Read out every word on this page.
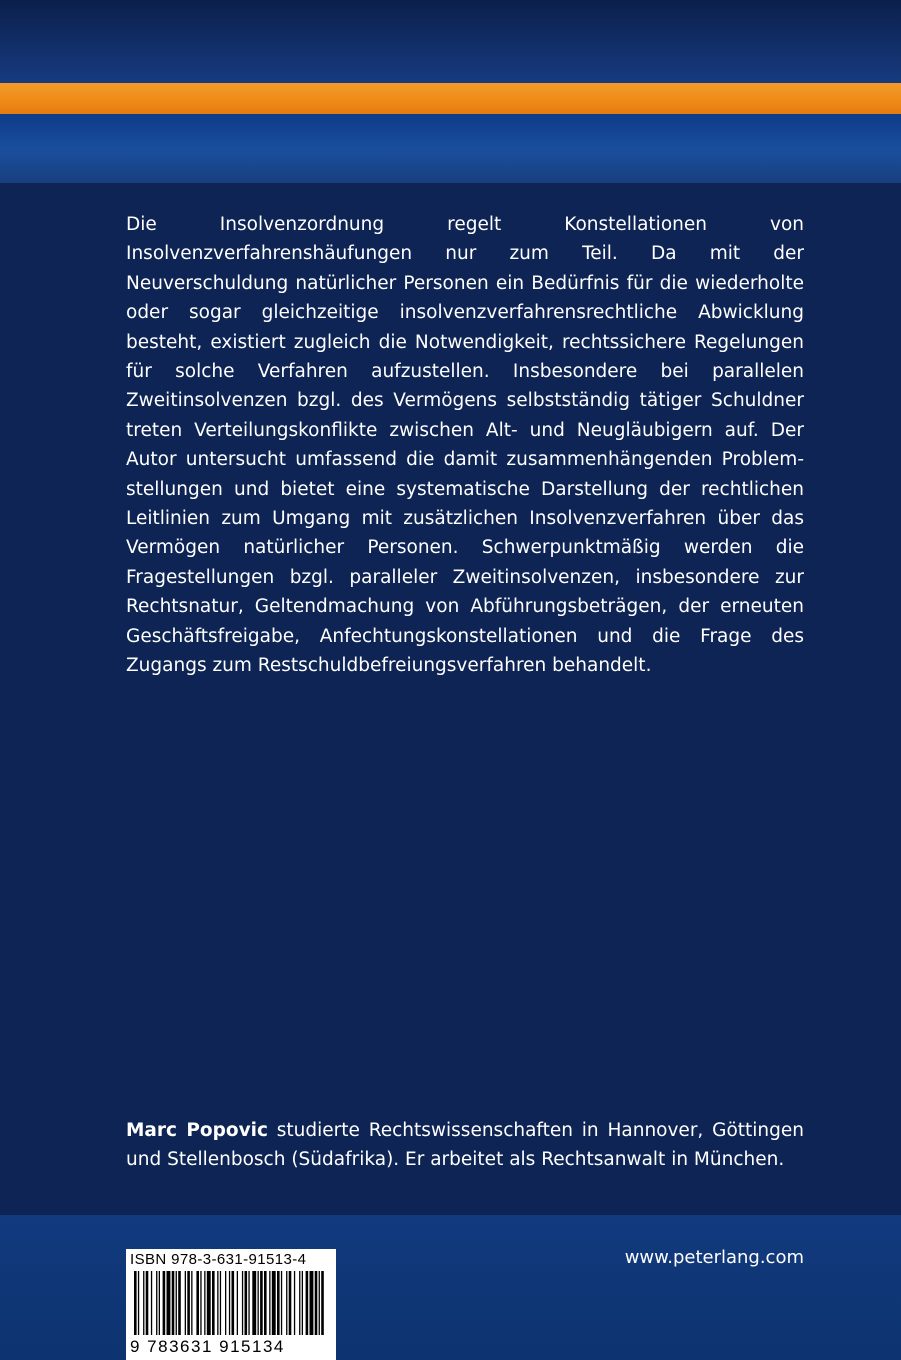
Die Insolvenzordnung regelt Konstellationen von Insolvenzverfahrenshäufungen nur zum Teil. Da mit der Neuverschuldung natürlicher Personen ein Bedürfnis für die wiederholte oder sogar gleichzeitige insolvenzverfahrensrechtliche Abwicklung besteht, existiert zugleich die Notwendigkeit, rechtssichere Regelungen für solche Verfahren aufzustellen. Insbesondere bei parallelen Zweitinsolvenzen bzgl. des Vermögens selbstständig tätiger Schuldner treten Verteilungskonflikte zwischen Alt- und Neugläubigern auf. Der Autor untersucht umfassend die damit zusammenhängenden Problemstellungen und bietet eine systematische Darstellung der rechtlichen Leitlinien zum Umgang mit zusätzlichen Insolvenzverfahren über das Vermögen natürlicher Personen. Schwerpunktmäßig werden die Fragestellungen bzgl. paralleler Zweitinsolvenzen, insbesondere zur Rechtsnatur, Geltendmachung von Abführungsbeträgen, der erneuten Geschäftsfreigabe, Anfechtungskonstellationen und die Frage des Zugangs zum Restschuldbefreiungsverfahren behandelt.

Marc Popovic studierte Rechtswissenschaften in Hannover, Göttingen und Stellenbosch (Südafrika). Er arbeitet als Rechtsanwalt in München.

www.peterlang.com
ISBN 978-3-631-91513-4
9 783631 915134
